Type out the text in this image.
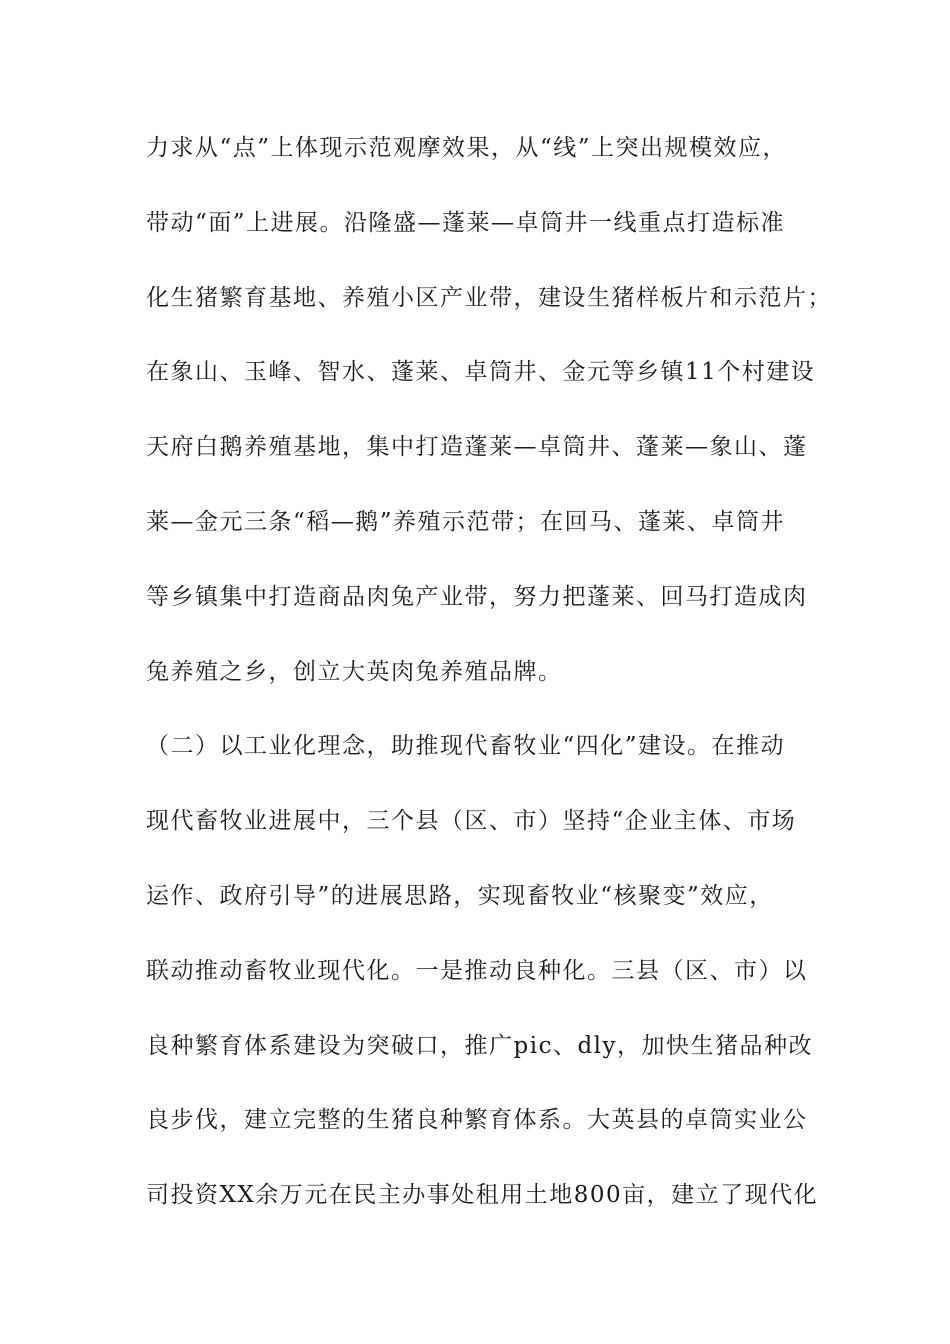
力求从“点”上体现示范观摩效果，从“线”上突出规模效应，
带动“面”上进展。沿隆盛—蓬莱—卓筒井一线重点打造标准
化生猪繁育基地、养殖小区产业带，建设生猪样板片和示范片；
在象山、玉峰、智水、蓬莱、卓筒井、金元等乡镇11个村建设
天府白鹅养殖基地，集中打造蓬莱—卓筒井、蓬莱—象山、蓬
莱—金元三条“稻—鹅”养殖示范带；在回马、蓬莱、卓筒井
等乡镇集中打造商品肉兔产业带，努力把蓬莱、回马打造成肉
兔养殖之乡，创立大英肉兔养殖品牌。
（二）以工业化理念，助推现代畜牧业“四化”建设。在推动
现代畜牧业进展中，三个县（区、市）坚持“企业主体、市场
运作、政府引导”的进展思路，实现畜牧业“核聚变”效应，
联动推动畜牧业现代化。一是推动良种化。三县（区、市）以
良种繁育体系建设为突破口，推广pic、dly，加快生猪品种改
良步伐，建立完整的生猪良种繁育体系。大英县的卓筒实业公
司投资XX余万元在民主办事处租用土地800亩，建立了现代化
